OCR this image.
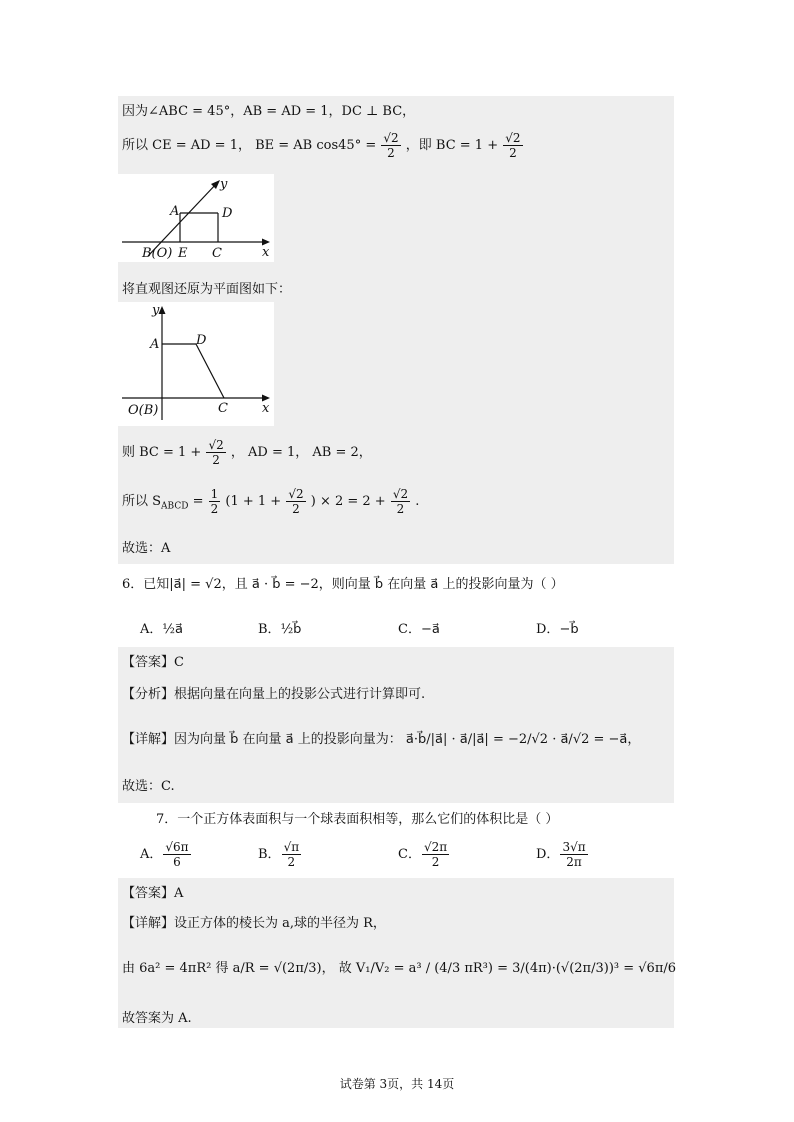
因为∠ABC = 45°，AB = AD = 1，DC ⊥ BC，
所以 CE = AD = 1， BE = AB $\cos 45^\circ = \frac{√2}{2}$ ，即 BC = $1 + \frac{√2}{2}$
y
A	D
B(O) E C	x
将直观图还原为平面图如下：
y
A	D
O(B)	C	x
则 BC = $1 + \frac{√2}{2}$ ， AD = 1， AB = 2，
所以 $S_{ABCD} = \frac{1}{2} (1 + 1 + \frac{√2}{2}$ ) × $2 = 2 + \frac{√2}{2}$ .
故选：A
6．已知|a⃗| = √2，且 a⃗ · b⃗ = −2，则向量 b⃗ 在向量 a⃗ 上的投影向量为（ ）
A．½a⃗	B．½b⃗	C．−a⃗	D．−b⃗
【答案】C
【分析】根据向量在向量上的投影公式进行计算即可.
【详解】因为向量 b⃗ 在向量 a⃗ 上的投影向量为： a⃗·b⃗/|a⃗| · a⃗/|a⃗| = −2/√2 · a⃗/√2 = −a⃗，
故选：C.
7．一个正方体表面积与一个球表面积相等，那么它们的体积比是（ ）
A． $\frac{√6\pi}{6}$	B． $\frac{√\pi}{2}$	C． $\frac{√2\pi}{2}$	D． $\frac{3√\pi}{2\pi}$
【答案】A
【详解】设正方体的棱长为 a,球的半径为 R，
由 6a² = 4πR² 得 a/R = √(2π/3)， 故 V₁/V₂ = a³ / (4/3 πR³) = 3/(4π)·(√(2π/3))³ = √6π/6
故答案为 A.
试卷第 3页，共 14页
